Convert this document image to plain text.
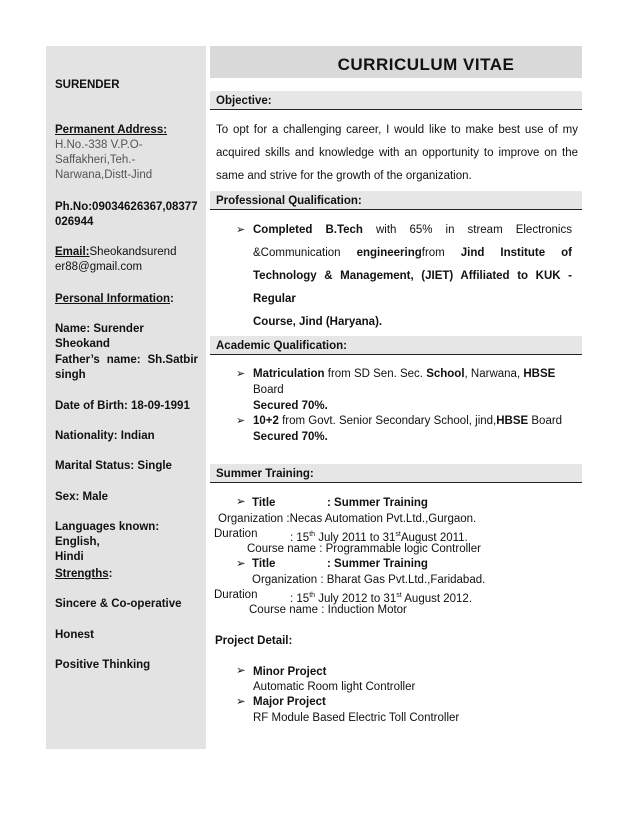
SURENDER
Permanent Address:
H.No.-338 V.P.O-
Saffakheri,Teh.-
Narwana,Distt-Jind
Ph.No:09034626367,08377
026944
Email:Sheokandsurend
er88@gmail.com
Personal Information:
Name: Surender Sheokand
Father’s name: Sh.Satbir
singh
Date of Birth: 18-09-1991
Nationality: Indian
Marital Status: Single
Sex: Male
Languages known: English,
Hindi
Strengths:
Sincere & Co-operative
Honest
Positive Thinking
CURRICULUM VITAE
Objective:
To opt for a challenging career, I would like to make best use of my
acquired skills and knowledge with an opportunity to improve on the
same and strive for the growth of the organization.
Professional Qualification:
➢ Completed B.Tech with 65% in stream Electronics
&Communication engineeringfrom Jind Institute of
Technology & Management, (JIET) Affiliated to KUK - Regular
Course, Jind (Haryana).
Academic Qualification:
➢ Matriculation from SD Sen. Sec. School, Narwana, HBSE Board
Secured 70%.
➢ 10+2 from Govt. Senior Secondary School, jind,HBSE Board
Secured 70%.
Summer Training:
➢ Title	: Summer Training
Organization :Necas Automation Pvt.Ltd.,Gurgaon.
Duration	: 15th July 2011 to 31stAugust 2011.
Course name : Programmable logic Controller
➢ Title	: Summer Training
Organization : Bharat Gas Pvt.Ltd.,Faridabad.
Duration	: 15th July 2012 to 31st August 2012.
Course name : Induction Motor
Project Detail:
➢ Minor Project
Automatic Room light Controller
➢ Major Project
RF Module Based Electric Toll Controller
